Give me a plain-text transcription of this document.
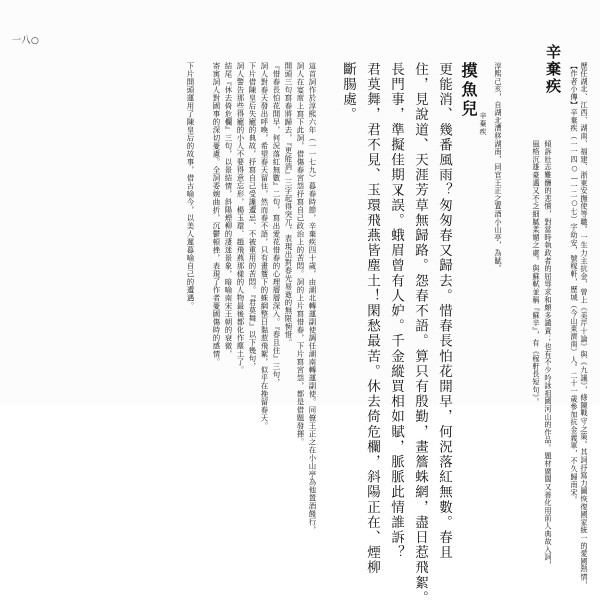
一八○
辛棄疾 【作者小傳】辛棄疾（一一四○—一二○七）字幼安，號稼軒，歷城（今山東濟南）人。二十一歲參加抗金義軍，不久歸南宋。 歷任湖北、江西、湖南、福建、浙東安撫使等職。一生力主抗金，曾上《美芹十論》與《九議》，條陳戰守之策。其詞抒寫力圖恢復國家統一的愛國熱情，
傾訴壯志難酬的悲憤，對當時執政者的屈辱求和頗多譴責；也有不少吟詠祖國河山的作品。題材廣闊又善化用前人典故入詞，
風格沉雄豪邁又不乏細膩柔媚之處。與蘇軾並稱『蘇辛』，有《稼軒長短句》。
摸魚兒
辛棄疾 淳熙己亥，自湖北漕移湖南，同官王正之置酒小山亭，為賦。
更能消、幾番風雨？匆匆春又歸去。惜春長怕花開早，何況落紅無數。春且
住，見說道、天涯芳草無歸路。怨春不語。算只有殷勤，畫簷蛛網，盡日惹飛絮。
長門事，準擬佳期又誤。蛾眉曾有人妒。千金縱買相如賦，脈脈此情誰訴？
君莫舞，君不見、玉環飛燕皆塵土！閑愁最苦。休去倚危欄，斜陽正在、煙柳
斷腸處。
這首詞作於淳熙六年（一一七九）暮春時節，辛棄疾四十歲，由湖北轉運副使調任湖南轉運副使。同僚王正之在小山亭為他置酒餞行，
詞人在宴席上寫下此詞，借傷春宮怨抒寫自己政治上的苦悶。詞的上片寫惜春，下片寫宮怨，都是借題發揮。
開頭三句寫春將歸去，『更能消』三字起得突兀，表現出對春光易逝的無限惋惜。
『惜春長怕花開早，何況落紅無數』二句，寫出愛花惜春的心理層層深入。『春且住』三句，
詞人對春天發出呼喚，希望春天留住，然而春不語，只有畫簷下的蛛網整日黏惹飛絮，似乎在挽留春天。
下片借陳皇后失寵的典故，抒寫自己受讒遭忌、不被重用的苦悶。『君莫舞』以下幾句，
詞人警告那些得寵的小人不要得意忘形，楊玉環、趙飛燕那樣的人物最後都化作塵土了。
結尾『休去倚危欄』三句，以景結情，斜陽煙柳的淒迷景象，暗喻南宋王朝的衰微，
寄寓詞人對國事的深切憂慮。全詞委婉曲折，沉鬱頓挫，表現了作者憂國傷時的感情。
下片開頭運用了陳皇后的故事，借古喻今，以美人遲暮喻自己的遭遇。
